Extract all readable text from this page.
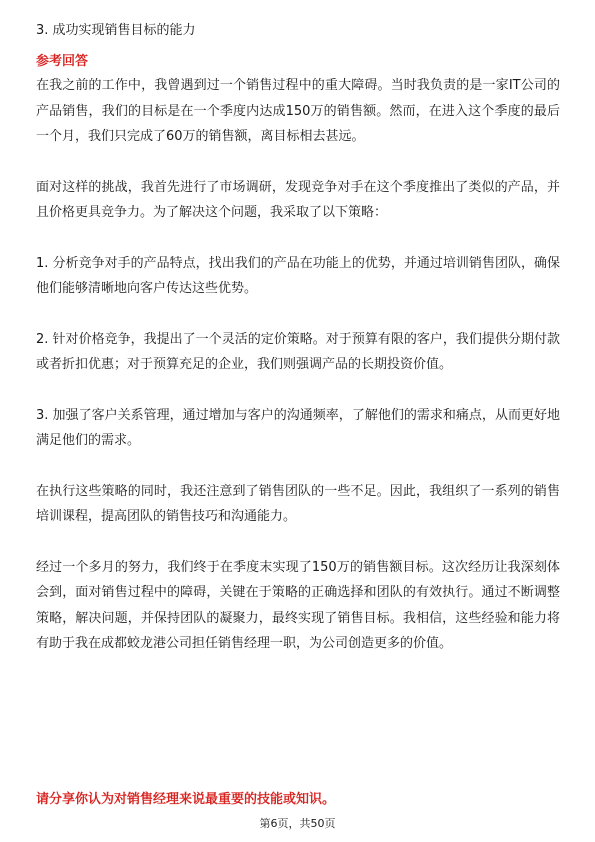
3. 成功实现销售目标的能力

参考回答

在我之前的工作中，我曾遇到过一个销售过程中的重大障碍。当时我负责的是一家IT公司的产品销售，我们的目标是在一个季度内达成150万的销售额。然而，在进入这个季度的最后一个月，我们只完成了60万的销售额，离目标相去甚远。

面对这样的挑战，我首先进行了市场调研，发现竞争对手在这个季度推出了类似的产品，并且价格更具竞争力。为了解决这个问题，我采取了以下策略：

1. 分析竞争对手的产品特点，找出我们的产品在功能上的优势，并通过培训销售团队，确保他们能够清晰地向客户传达这些优势。

2. 针对价格竞争，我提出了一个灵活的定价策略。对于预算有限的客户，我们提供分期付款或者折扣优惠；对于预算充足的企业，我们则强调产品的长期投资价值。

3. 加强了客户关系管理，通过增加与客户的沟通频率，了解他们的需求和痛点，从而更好地满足他们的需求。

在执行这些策略的同时，我还注意到了销售团队的一些不足。因此，我组织了一系列的销售培训课程，提高团队的销售技巧和沟通能力。

经过一个多月的努力，我们终于在季度末实现了150万的销售额目标。这次经历让我深刻体会到，面对销售过程中的障碍，关键在于策略的正确选择和团队的有效执行。通过不断调整策略，解决问题，并保持团队的凝聚力，最终实现了销售目标。我相信，这些经验和能力将有助于我在成都蛟龙港公司担任销售经理一职，为公司创造更多的价值。

请分享你认为对销售经理来说最重要的技能或知识。

第6页，共50页
